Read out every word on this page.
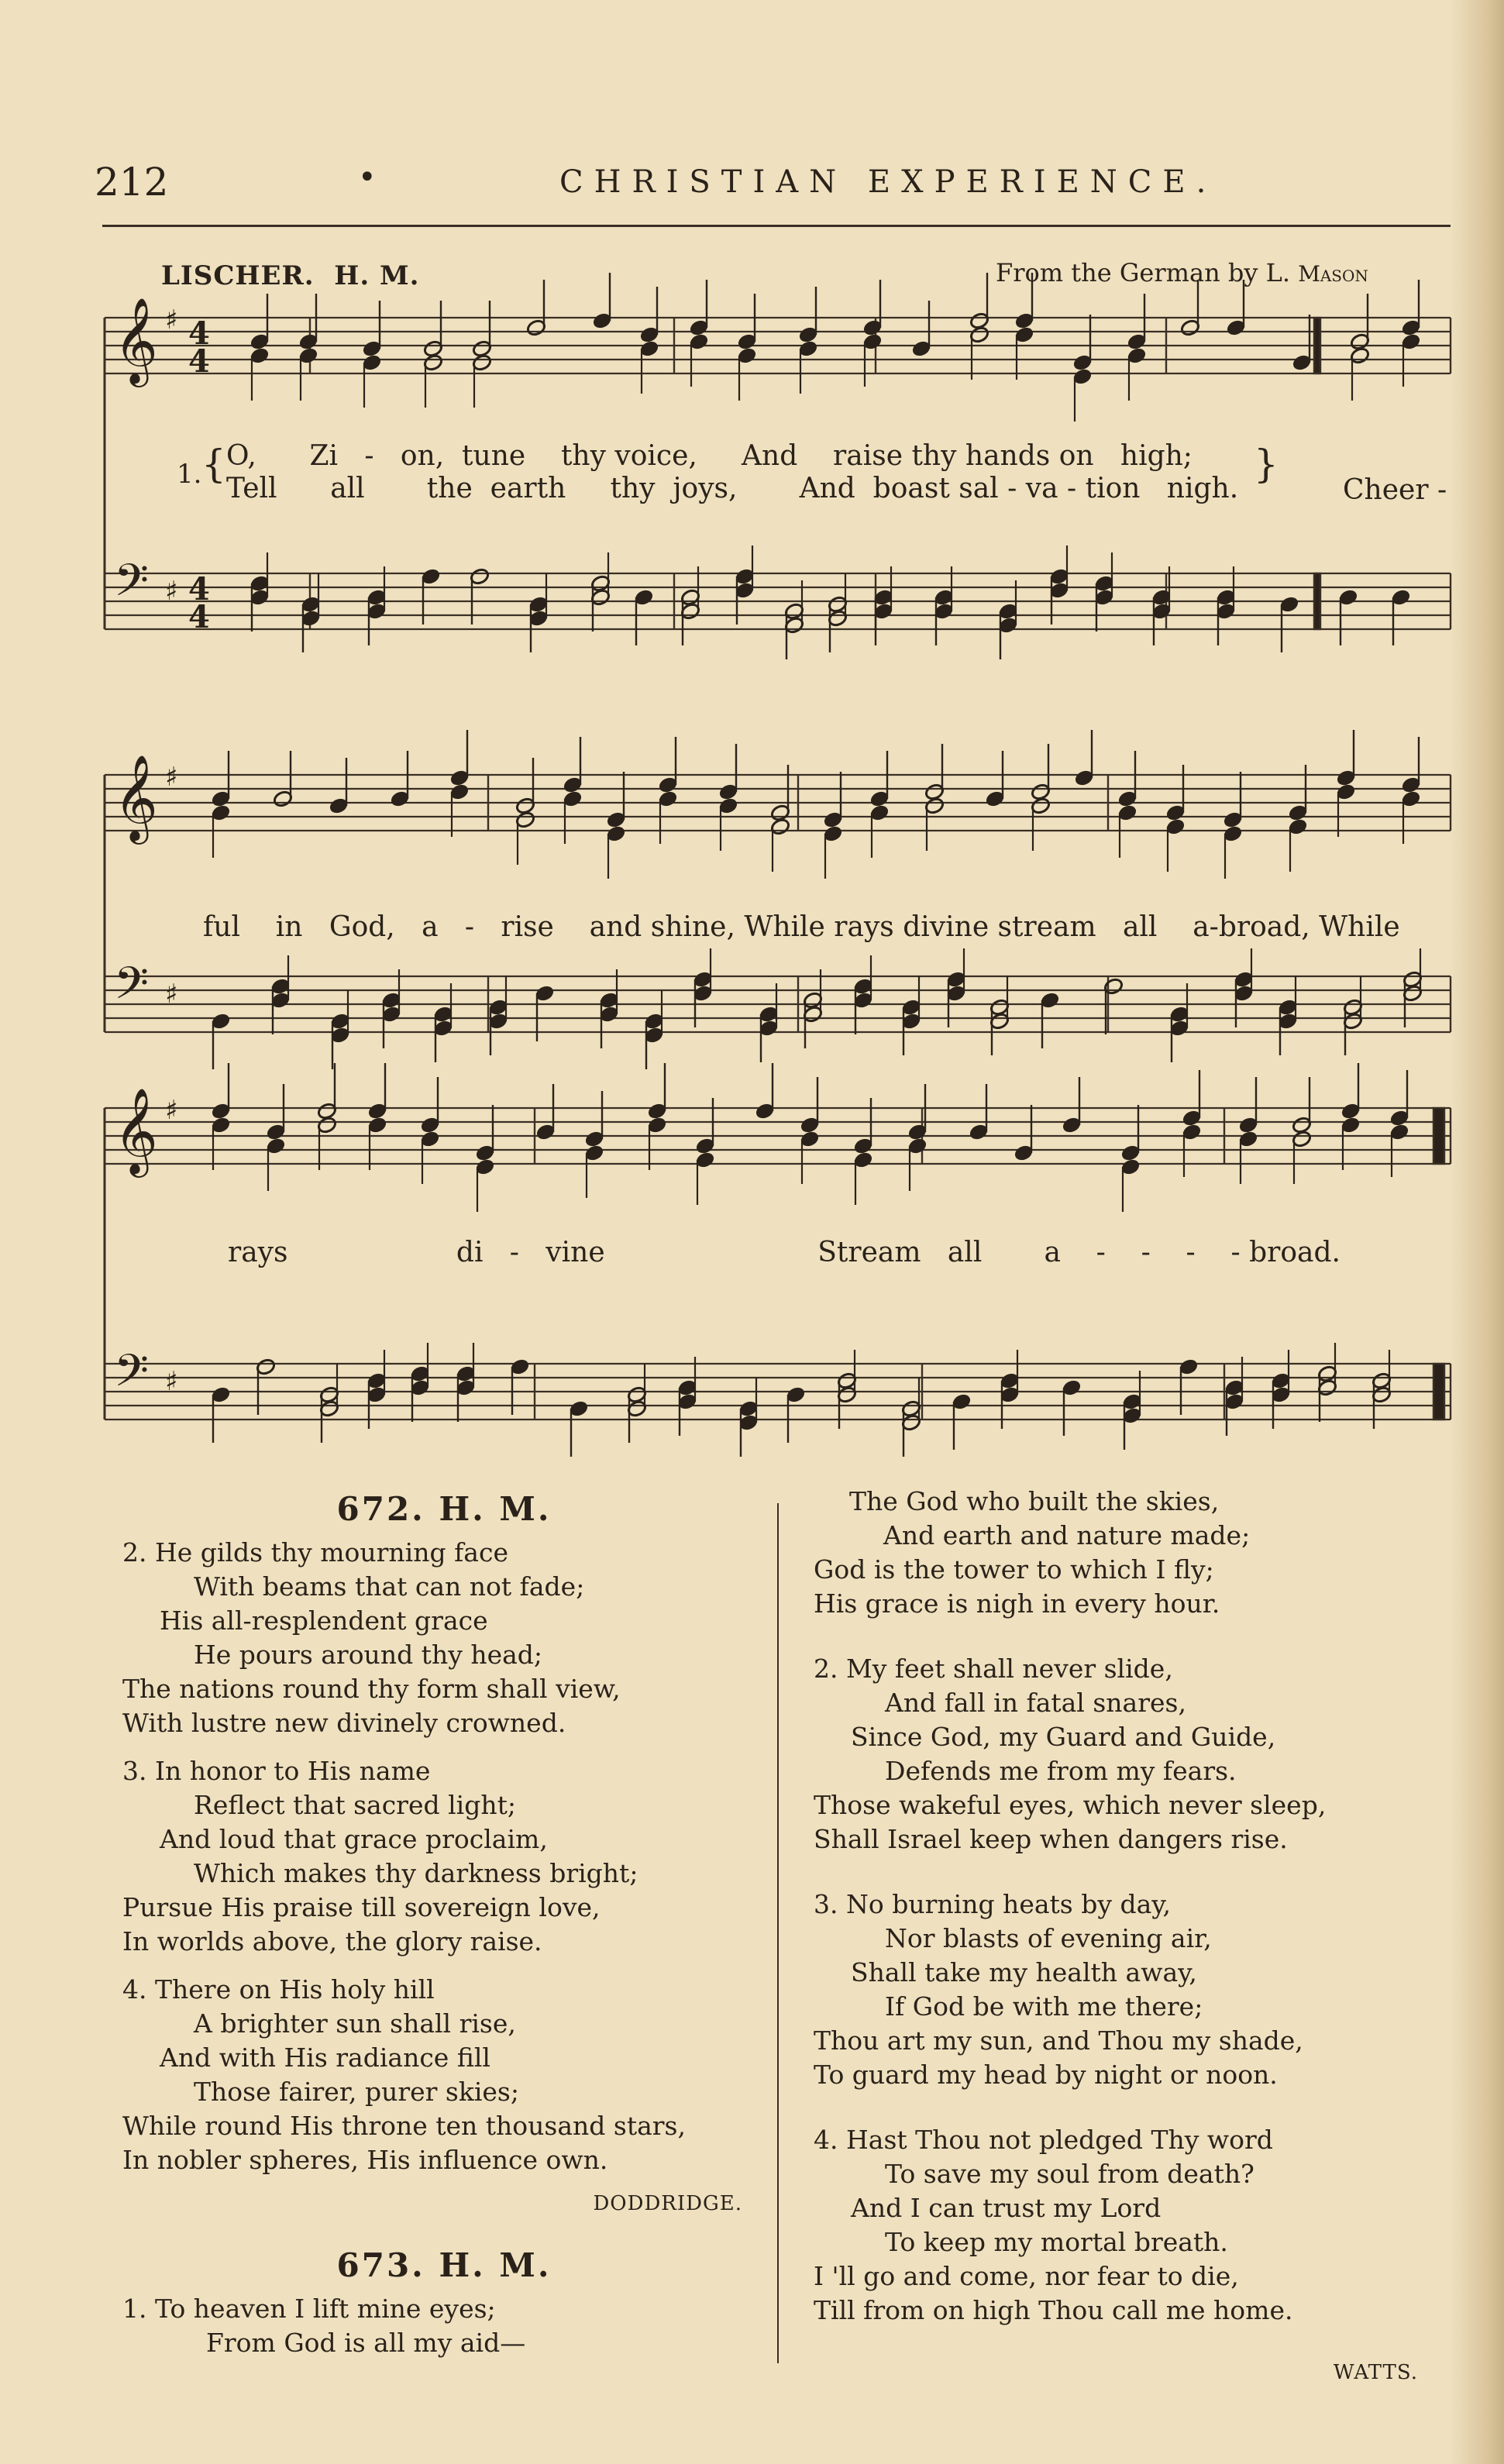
212	•	CHRISTIAN EXPERIENCE.
LISCHER. H. M.	From the German by L. Mason
𝄞 ♯ 4
4
𝄢 ♯ 4
4
𝄞 ♯
𝄢 ♯
𝄞 ♯
𝄢 ♯
1. { O,      Zi   -   on,  tune    thy voice,     And    raise thy hands on   high;
Tell      all       the  earth     thy  joys,       And  boast sal - va - tion   nigh.
}
Cheer -
ful    in   God,   a   -   rise    and shine, While rays divine stream   all    a-broad, While
rays                   di   -   vine                        Stream   all       a    -    -    -    - broad.
672. H. M.
2. He gilds thy mourning face
With beams that can not fade;
His all-resplendent grace
He pours around thy head;
The nations round thy form shall view,
With lustre new divinely crowned.
3. In honor to His name
Reflect that sacred light;
And loud that grace proclaim,
Which makes thy darkness bright;
Pursue His praise till sovereign love,
In worlds above, the glory raise.
4. There on His holy hill
A brighter sun shall rise,
And with His radiance fill
Those fairer, purer skies;
While round His throne ten thousand stars,
In nobler spheres, His influence own.
DODDRIDGE.
673. H. M.
1. To heaven I lift mine eyes;
From God is all my aid—
The God who built the skies,
And earth and nature made;
God is the tower to which I fly;
His grace is nigh in every hour.
2. My feet shall never slide,
And fall in fatal snares,
Since God, my Guard and Guide,
Defends me from my fears.
Those wakeful eyes, which never sleep,
Shall Israel keep when dangers rise.
3. No burning heats by day,
Nor blasts of evening air,
Shall take my health away,
If God be with me there;
Thou art my sun, and Thou my shade,
To guard my head by night or noon.
4. Hast Thou not pledged Thy word
To save my soul from death?
And I can trust my Lord
To keep my mortal breath.
I 'll go and come, nor fear to die,
Till from on high Thou call me home.
WATTS.
